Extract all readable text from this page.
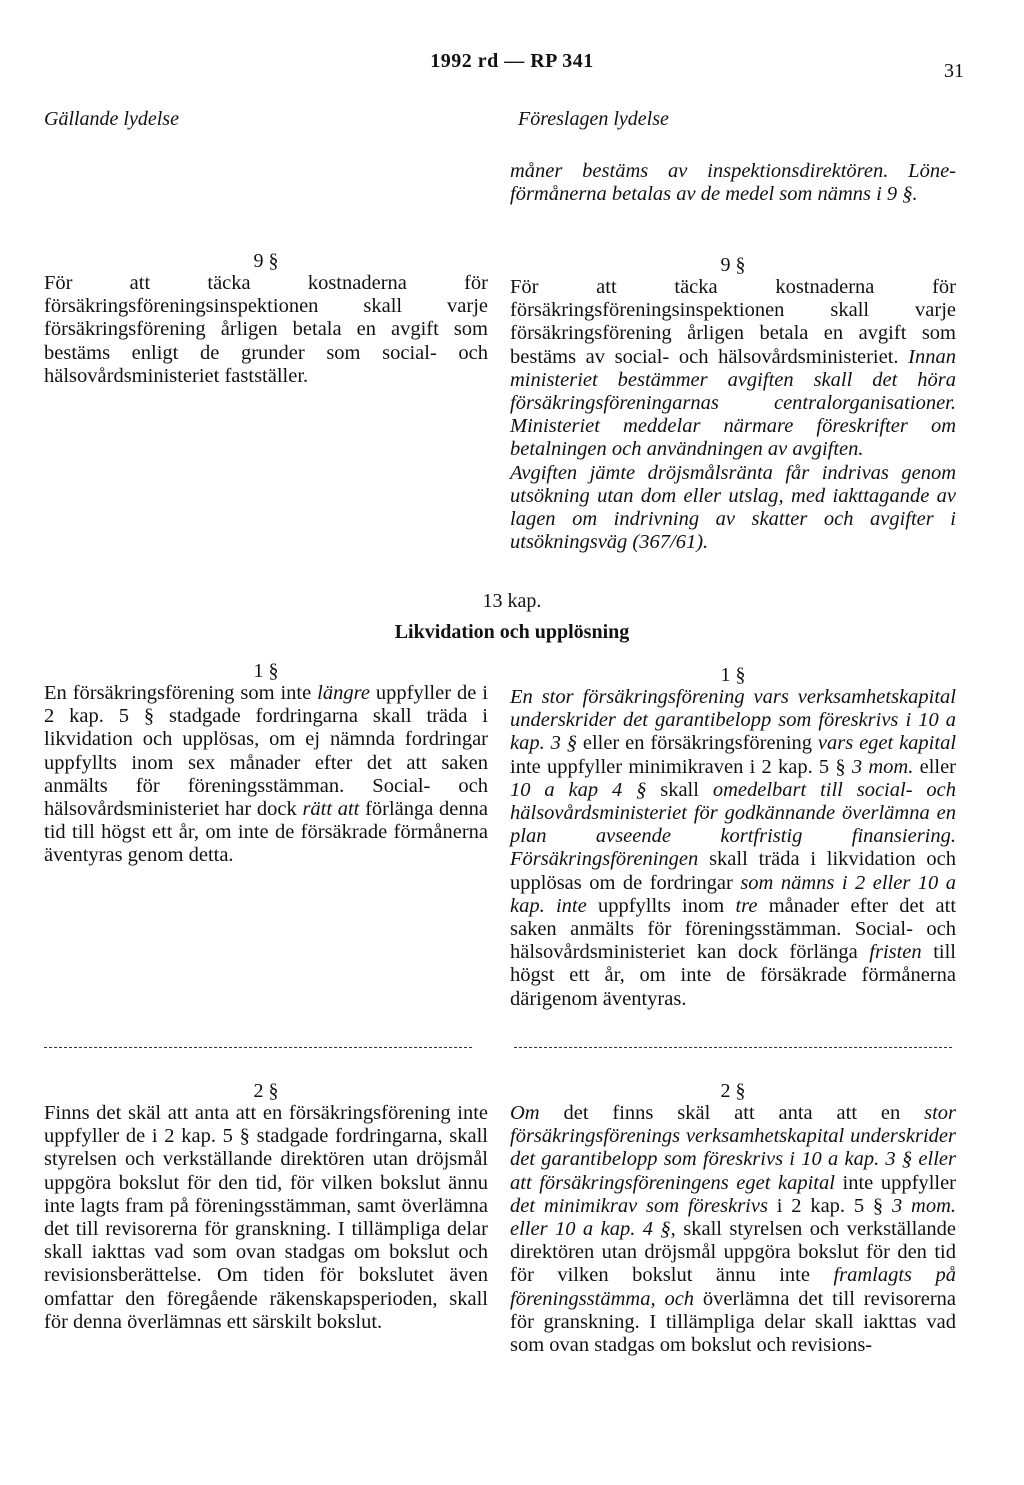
1992 rd — RP 341	31
Gällande lydelse	Föreslagen lydelse

måner bestäms av inspektionsdirektören. Löne-förmånerna betalas av de medel som nämns i 9 §.

9 §

För att täcka kostnaderna för försäkringsföreningsinspektionen skall varje försäkringsförening årligen betala en avgift som bestäms enligt de grunder som social- och hälsovårdsministeriet fastställer.

9 §

För att täcka kostnaderna för försäkringsföreningsinspektionen skall varje försäkringsförening årligen betala en avgift som bestäms av social- och hälsovårdsministeriet. Innan ministeriet bestämmer avgiften skall det höra försäkringsföreningarnas centralorganisationer. Ministeriet meddelar närmare föreskrifter om betalningen och användningen av avgiften.
Avgiften jämte dröjsmålsränta får indrivas genom utsökning utan dom eller utslag, med iakttagande av lagen om indrivning av skatter och avgifter i utsökningsväg (367/61).

13 kap.
Likvidation och upplösning
1 §

En försäkringsförening som inte längre uppfyller de i 2 kap. 5 § stadgade fordringarna skall träda i likvidation och upplösas, om ej nämnda fordringar uppfyllts inom sex månader efter det att saken anmälts för föreningsstämman. Social- och hälsovårdsministeriet har dock rätt att förlänga denna tid till högst ett år, om inte de försäkrade förmånerna äventyras genom detta.

1 §

En stor försäkringsförening vars verksamhetskapital underskrider det garantibelopp som föreskrivs i 10 a kap. 3 § eller en försäkringsförening vars eget kapital inte uppfyller minimikraven i 2 kap. 5 § 3 mom. eller 10 a kap 4 § skall omedelbart till social- och hälsovårdsministeriet för godkännande överlämna en plan avseende kortfristig finansiering. Försäkringsföreningen skall träda i likvidation och upplösas om de fordringar som nämns i 2 eller 10 a kap. inte uppfyllts inom tre månader efter det att saken anmälts för föreningsstämman. Social- och hälsovårdsministeriet kan dock förlänga fristen till högst ett år, om inte de försäkrade förmånerna därigenom äventyras.

2 §

Finns det skäl att anta att en försäkringsförening inte uppfyller de i 2 kap. 5 § stadgade fordringarna, skall styrelsen och verkställande direktören utan dröjsmål uppgöra bokslut för den tid, för vilken bokslut ännu inte lagts fram på föreningsstämman, samt överlämna det till revisorerna för granskning. I tillämpliga delar skall iakttas vad som ovan stadgas om bokslut och revisionsberättelse. Om tiden för bokslutet även omfattar den föregående räkenskapsperioden, skall för denna överlämnas ett särskilt bokslut.

2 §

Om det finns skäl att anta att en stor försäkringsförenings verksamhetskapital underskrider det garantibelopp som föreskrivs i 10 a kap. 3 § eller att försäkringsföreningens eget kapital inte uppfyller det minimikrav som föreskrivs i 2 kap. 5 § 3 mom. eller 10 a kap. 4 §, skall styrelsen och verkställande direktören utan dröjsmål uppgöra bokslut för den tid för vilken bokslut ännu inte framlagts på föreningsstämma, och överlämna det till revisorerna för granskning. I tillämpliga delar skall iakttas vad som ovan stadgas om bokslut och revisions-
